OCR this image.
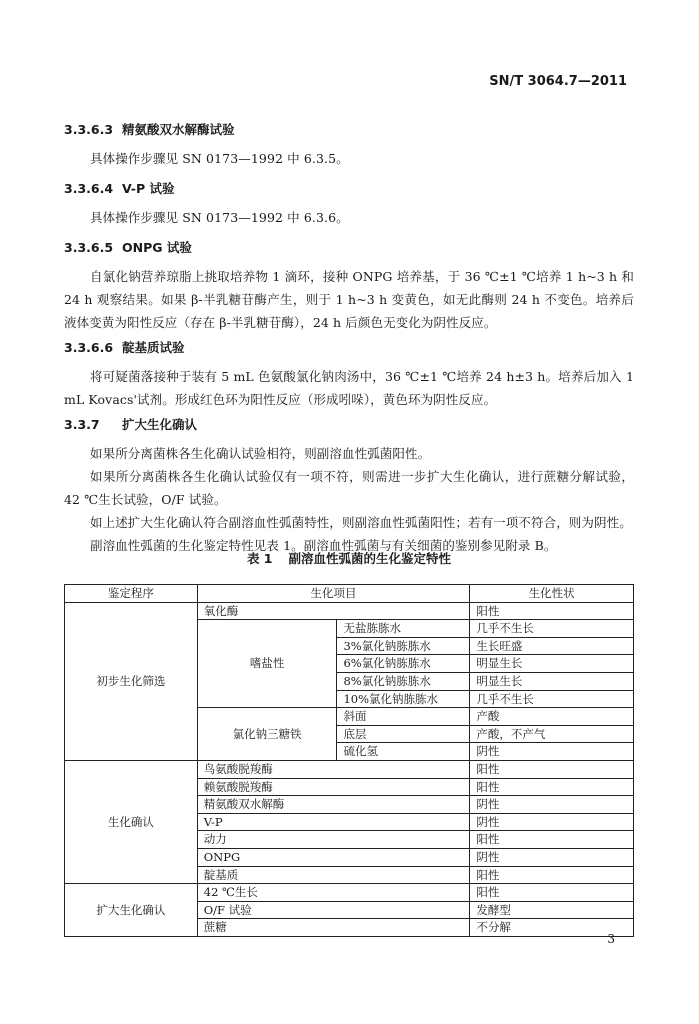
SN/T 3064.7—2011
3.3.6.3 精氨酸双水解酶试验
具体操作步骤见 SN 0173—1992 中 6.3.5。
3.3.6.4 V-P 试验
具体操作步骤见 SN 0173—1992 中 6.3.6。
3.3.6.5 ONPG 试验
自氯化钠营养琼脂上挑取培养物 1 滴环，接种 ONPG 培养基，于 36 ℃±1 ℃培养 1 h~3 h 和 24 h 观察结果。如果 β-半乳糖苷酶产生，则于 1 h~3 h 变黄色，如无此酶则 24 h 不变色。培养后液体变黄为阳性反应（存在 β-半乳糖苷酶），24 h 后颜色无变化为阴性反应。
3.3.6.6 靛基质试验
将可疑菌落接种于装有 5 mL 色氨酸氯化钠肉汤中，36 ℃±1 ℃培养 24 h±3 h。培养后加入 1 mL Kovacs'试剂。形成红色环为阳性反应（形成吲哚），黄色环为阴性反应。
3.3.7 扩大生化确认
如果所分离菌株各生化确认试验相符，则副溶血性弧菌阳性。
如果所分离菌株各生化确认试验仅有一项不符，则需进一步扩大生化确认，进行蔗糖分解试验，42 ℃生长试验，O/F 试验。
如上述扩大生化确认符合副溶血性弧菌特性，则副溶血性弧菌阳性；若有一项不符合，则为阴性。
副溶血性弧菌的生化鉴定特性见表 1。副溶血性弧菌与有关细菌的鉴别参见附录 B。
表 1 副溶血性弧菌的生化鉴定特性
鉴定程序	生化项目		生化性状
初步生化筛选	氧化酶		阳性
	嗜盐性	无盐胨胨水	几乎不生长
		3%氯化钠胨胨水	生长旺盛
		6%氯化钠胨胨水	明显生长
		8%氯化钠胨胨水	明显生长
		10%氯化钠胨胨水	几乎不生长
	氯化钠三糖铁	斜面	产酸
		底层	产酸，不产气
		硫化氢	阴性
生化确认	鸟氨酸脱羧酶		阳性
	赖氨酸脱羧酶		阳性
	精氨酸双水解酶		阴性
	V-P		阴性
	动力		阳性
	ONPG		阴性
	靛基质		阳性
扩大生化确认	42 ℃生长		阳性
	O/F 试验		发酵型
	蔗糖		不分解
3
